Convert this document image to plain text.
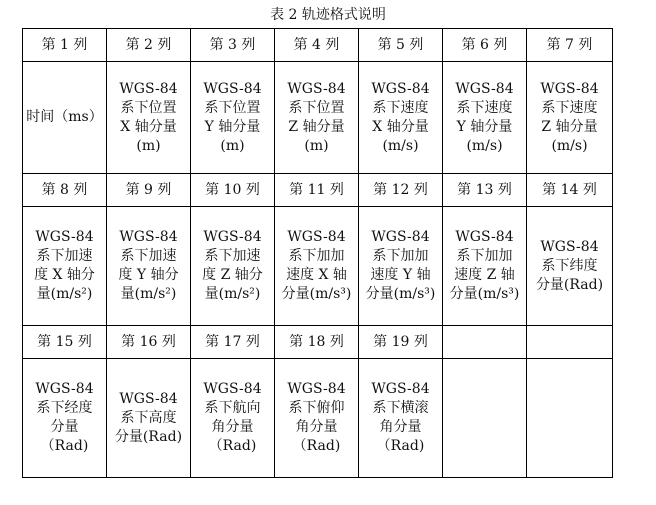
表 2 轨迹格式说明
第 1 列	第 2 列	第 3 列	第 4 列	第 5 列	第 6 列	第 7 列
时间（ms）	WGS-84
系下位置
X 轴分量
(m)	WGS-84
系下位置
Y 轴分量
(m)	WGS-84
系下位置
Z 轴分量
(m)	WGS-84
系下速度
X 轴分量
(m/s)	WGS-84
系下速度
Y 轴分量
(m/s)	WGS-84
系下速度
Z 轴分量
(m/s)
第 8 列	第 9 列	第 10 列	第 11 列	第 12 列	第 13 列	第 14 列
WGS-84
系下加速
度 X 轴分
量(m/s²)	WGS-84
系下加速
度 Y 轴分
量(m/s²)	WGS-84
系下加速
度 Z 轴分
量(m/s²)	WGS-84
系下加加
速度 X 轴
分量(m/s³)	WGS-84
系下加加
速度 Y 轴
分量(m/s³)	WGS-84
系下加加
速度 Z 轴
分量(m/s³)	WGS-84
系下纬度
分量(Rad)
第 15 列	第 16 列	第 17 列	第 18 列	第 19 列		
WGS-84
系下经度
分量
（Rad)	WGS-84
系下高度
分量(Rad)	WGS-84
系下航向
角分量
（Rad)	WGS-84
系下俯仰
角分量
（Rad)	WGS-84
系下横滚
角分量
（Rad)		
